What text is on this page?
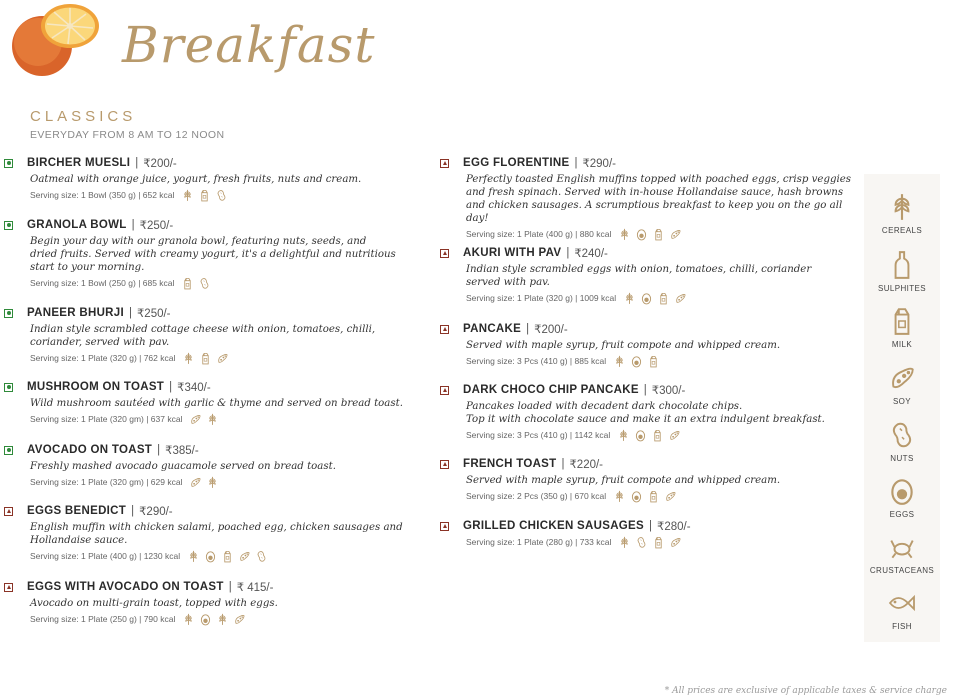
Breakfast
CLASSICS
EVERYDAY FROM 8 AM TO 12 NOON
BIRCHER MUESLI | ₹200/-
Oatmeal with orange juice, yogurt, fresh fruits, nuts and cream.
Serving size: 1 Bowl (350 g) | 652 kcal
GRANOLA BOWL | ₹250/-
Begin your day with our granola bowl, featuring nuts, seeds, and
dried fruits. Served with creamy yogurt, it's a delightful and nutritious
start to your morning.
Serving size: 1 Bowl (250 g) | 685 kcal
PANEER BHURJI | ₹250/-
Indian style scrambled cottage cheese with onion, tomatoes, chilli,
coriander, served with pav.
Serving size: 1 Plate (320 g) | 762 kcal
MUSHROOM ON TOAST | ₹340/-
Wild mushroom sautéed with garlic & thyme and served on bread toast.
Serving size: 1 Plate (320 gm) | 637 kcal
AVOCADO ON TOAST | ₹385/-
Freshly mashed avocado guacamole served on bread toast.
Serving size: 1 Plate (320 gm) | 629 kcal
EGGS BENEDICT | ₹290/-
English muffin with chicken salami, poached egg, chicken sausages and
Hollandaise sauce.
Serving size: 1 Plate (400 g) | 1230 kcal
EGGS WITH AVOCADO ON TOAST | ₹ 415/-
Avocado on multi-grain toast, topped with eggs.
Serving size: 1 Plate (250 g) | 790 kcal
EGG FLORENTINE | ₹290/-
Perfectly toasted English muffins topped with poached eggs, crisp veggies
and fresh spinach. Served with in-house Hollandaise sauce, hash browns
and chicken sausages. A scrumptious breakfast to keep you on the go all day!
Serving size: 1 Plate (400 g) | 880 kcal
AKURI WITH PAV | ₹240/-
Indian style scrambled eggs with onion, tomatoes, chilli, coriander
served with pav.
Serving size: 1 Plate (320 g) | 1009 kcal
PANCAKE | ₹200/-
Served with maple syrup, fruit compote and whipped cream.
Serving size: 3 Pcs (410 g) | 885 kcal
DARK CHOCO CHIP PANCAKE | ₹300/-
Pancakes loaded with decadent dark chocolate chips.
Top it with chocolate sauce and make it an extra indulgent breakfast.
Serving size: 3 Pcs (410 g) | 1142 kcal
FRENCH TOAST | ₹220/-
Served with maple syrup, fruit compote and whipped cream.
Serving size: 2 Pcs (350 g) | 670 kcal
GRILLED CHICKEN SAUSAGES | ₹280/-
Serving size: 1 Plate (280 g) | 733 kcal
CEREALS
SULPHITES
MILK
SOY
NUTS
EGGS
CRUSTACEANS
FISH
* All prices are exclusive of applicable taxes & service charge
